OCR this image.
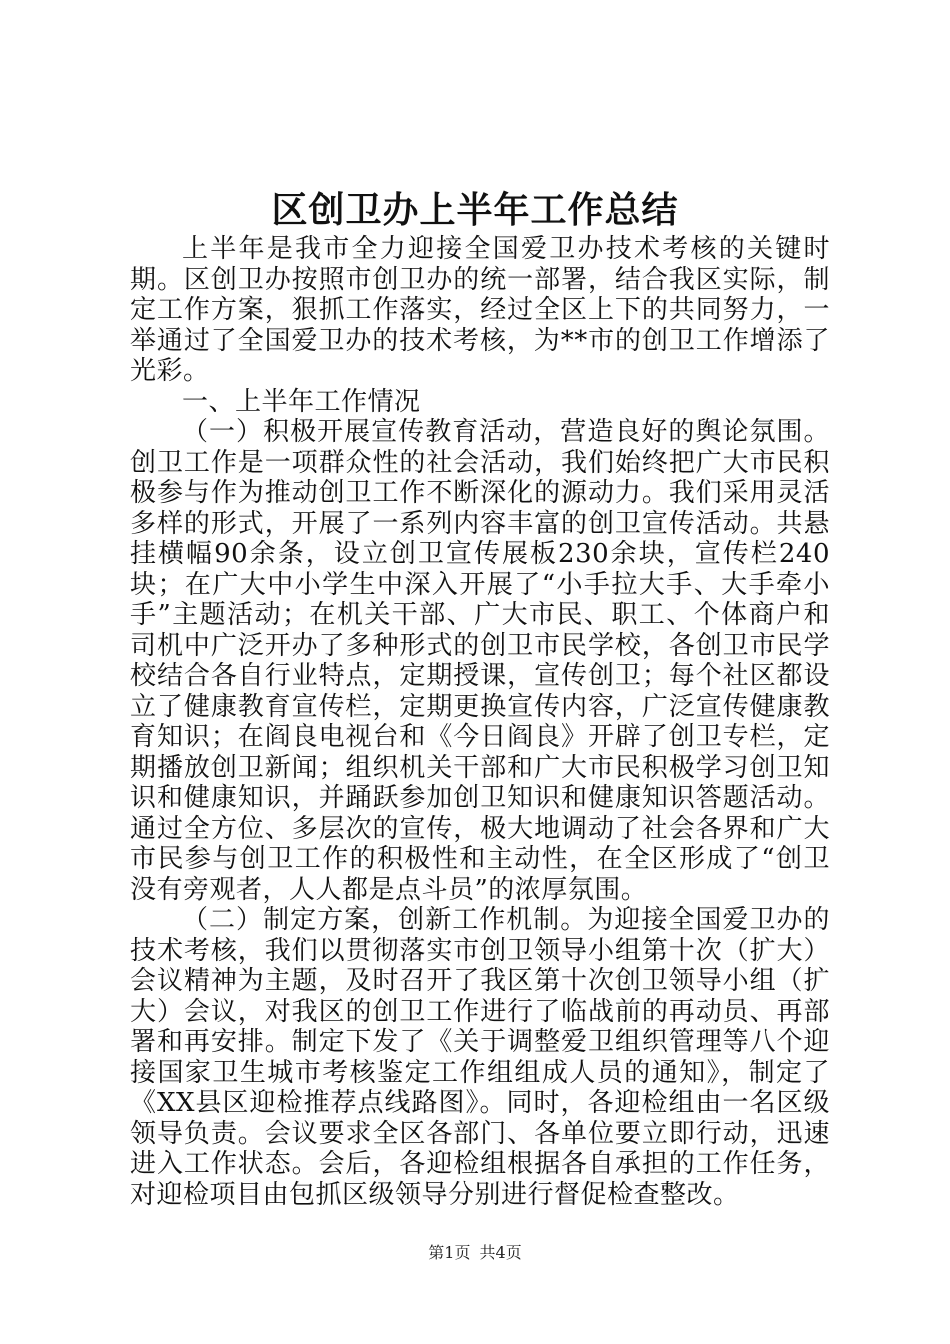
区创卫办上半年工作总结

上半年是我市全力迎接全国爱卫办技术考核的关键时期。区创卫办按照市创卫办的统一部署，结合我区实际，制定工作方案，狠抓工作落实，经过全区上下的共同努力，一举通过了全国爱卫办的技术考核，为**市的创卫工作增添了光彩。

一、上半年工作情况

（一）积极开展宣传教育活动，营造良好的舆论氛围。创卫工作是一项群众性的社会活动，我们始终把广大市民积极参与作为推动创卫工作不断深化的源动力。我们采用灵活多样的形式，开展了一系列内容丰富的创卫宣传活动。共悬挂横幅90余条，设立创卫宣传展板230余块，宣传栏240块；在广大中小学生中深入开展了“小手拉大手、大手牵小手”主题活动；在机关干部、广大市民、职工、个体商户和司机中广泛开办了多种形式的创卫市民学校，各创卫市民学校结合各自行业特点，定期授课，宣传创卫；每个社区都设立了健康教育宣传栏，定期更换宣传内容，广泛宣传健康教育知识；在阎良电视台和《今日阎良》开辟了创卫专栏，定期播放创卫新闻；组织机关干部和广大市民积极学习创卫知识和健康知识，并踊跃参加创卫知识和健康知识答题活动。通过全方位、多层次的宣传，极大地调动了社会各界和广大市民参与创卫工作的积极性和主动性，在全区形成了“创卫没有旁观者，人人都是点斗员”的浓厚氛围。

（二）制定方案，创新工作机制。为迎接全国爱卫办的技术考核，我们以贯彻落实市创卫领导小组第十次（扩大）会议精神为主题，及时召开了我区第十次创卫领导小组（扩大）会议，对我区的创卫工作进行了临战前的再动员、再部署和再安排。制定下发了《关于调整爱卫组织管理等八个迎接国家卫生城市考核鉴定工作组组成人员的通知》，制定了《XX县区迎检推荐点线路图》。同时，各迎检组由一名区级领导负责。会议要求全区各部门、各单位要立即行动，迅速进入工作状态。会后，各迎检组根据各自承担的工作任务，对迎检项目由包抓区级领导分别进行督促检查整改。

第1页 共4页
